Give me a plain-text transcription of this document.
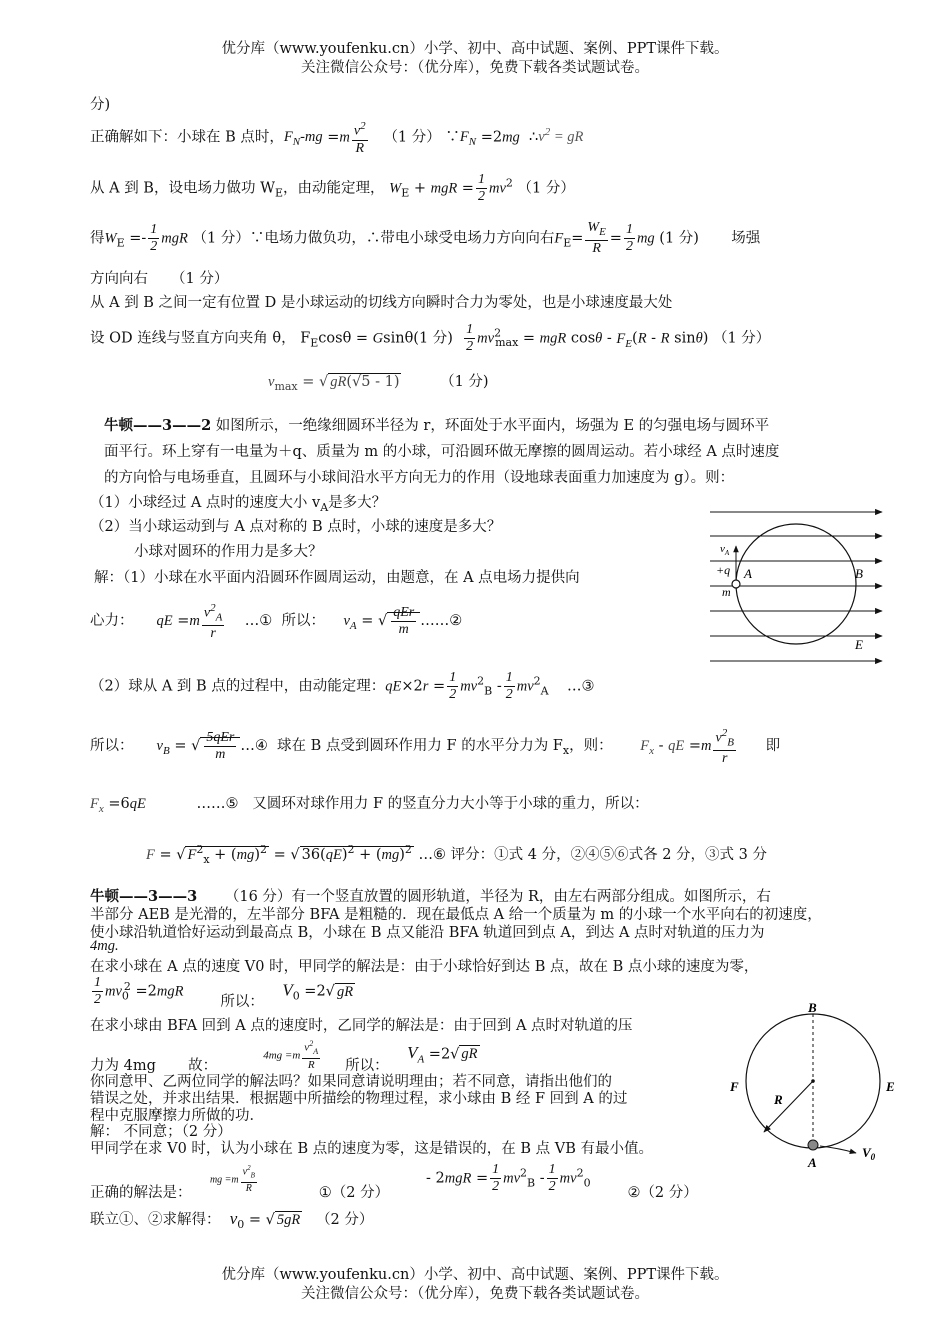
优分库（www.youfenku.cn）小学、初中、高中试题、案例、PPT课件下载。
关注微信公众号：（优分库），免费下载各类试题试卷。
分)
正确解如下：小球在 B 点时，$F_N-mg =m \frac{v^2}{R} (1$ 分） $\because F_N =2mg$  $\therefore v^2$ = gR
从 A 到 B，设电场力做功 $W_E$，由动能定理， $W_E$ + mgR = $\frac{1}{2} mv^2$ （1 分）
得$W_E =- \frac{1}{2}$ mgR （1 分）∵电场力做负功，∴带电小球受电场力方向向右$F_E= \frac{W_E}{R} = \frac{1}{2}$ mg (1 分)       场强
方向向右     （1 分）
从 A 到 B 之间一定有位置 D 是小球运动的切线方向瞬时合力为零处，也是小球速度最大处
设 OD 连线与竖直方向夹角 θ， $F_E\cos\theta = Gsin\theta(1$ 分) $\frac{1}{2} mv^2_{max}$ = mgR cosθ - $F_E(R$ - R sinθ) （1 分）
$v_{max}$ = √ gR(√5 - 1)	（1 分)
牛顿——3——2 如图所示，一绝缘细圆环半径为 r，环面处于水平面内，场强为 E 的匀强电场与圆环平
面平行。环上穿有一电量为＋q、质量为 m 的小球，可沿圆环做无摩擦的圆周运动。若小球经 A 点时速度
的方向恰与电场垂直，且圆环与小球间沿水平方向无力的作用（设地球表面重力加速度为 g）。则：
（1）小球经过 A 点时的速度大小 $v_A$是多大？
（2）当小球运动到与 A 点对称的 B 点时，小球的速度是多大？
小球对圆环的作用力是多大？
解：（1）小球在水平面内沿圆环作圆周运动，由题意，在 A 点电场力提供向
心力： qE $=m \frac{v^2_A}{r}$ …①  所以： $v_A$ = √ $\frac{\text{qEr}}{m}$ ……②
（2）球从 A 到 B 点的过程中，由动能定理：$qE\times 2r = \frac{1}{2} mv^2_B - \frac{1}{2} mv^2_A$    …③
所以： $v_B$ = √ $\frac{\text{5qEr}}{m}$ …④  球在 B 点受到圆环作用力 F 的水平分力为 $F_x$，则： $F_x$ - qE $=m \frac{v^2_B}{r}$ 即
$F_x =6qE$           ……⑤   又圆环对球作用力 F 的竖直分力大小等于小球的重力，所以：
F = √ $F^2_x + (mg)^2$ = √ 36(qE)$^2$ + (mg)$^2$ …⑥ 评分：①式 4 分，②④⑤⑥式各 2 分，③式 3 分
牛顿——3——3 （16 分）有一个竖直放置的圆形轨道，半径为 R，由左右两部分组成。如图所示，右
半部分 AEB 是光滑的，左半部分 BFA 是粗糙的．现在最低点 A 给一个质量为 m 的小球一个水平向右的初速度，
使小球沿轨道恰好运动到最高点 B，小球在 B 点又能沿 BFA 轨道回到点 A，到达 A 点时对轨道的压力为
4mg.
在求小球在 A 点的速度 V0 时，甲同学的解法是：由于小球恰好到达 B 点，故在 B 点小球的速度为零，
$\frac{1}{2} mv_0^2 =2mgR$        所以：    $V_0 =2√$ gR
在求小球由 BFA 回到 A 点的速度时，乙同学的解法是：由于回到 A 点时对轨道的压
力为 4mg 故：          $4mg =m \frac{v^2_A}{R}$ 所以：    $V_A =2√$ gR
你同意甲、乙两位同学的解法吗？如果同意请说明理由；若不同意，请指出他们的
错误之处，并求出结果．根据题中所描绘的物理过程，求小球由 B 经 F 回到 A 的过
程中克服摩擦力所做的功．
解： 不同意；（2 分）
甲同学在求 V0 时，认为小球在 B 点的速度为零，这是错误的，在 B 点 VB 有最小值。
正确的解法是：    mg $=m \frac{v^2_B}{R}$	①（2 分）        - $2mgR = \frac{1}{2} mv^2_B - \frac{1}{2} mv^2_0$        ②（2 分）
联立①、②求解得： $v_0$ = √ 5gR （2 分）
$v_A$
+q A
m
B
E
B
F	E
R
A
$V_0$
优分库（www.youfenku.cn）小学、初中、高中试题、案例、PPT课件下载。
关注微信公众号：（优分库），免费下载各类试题试卷。
